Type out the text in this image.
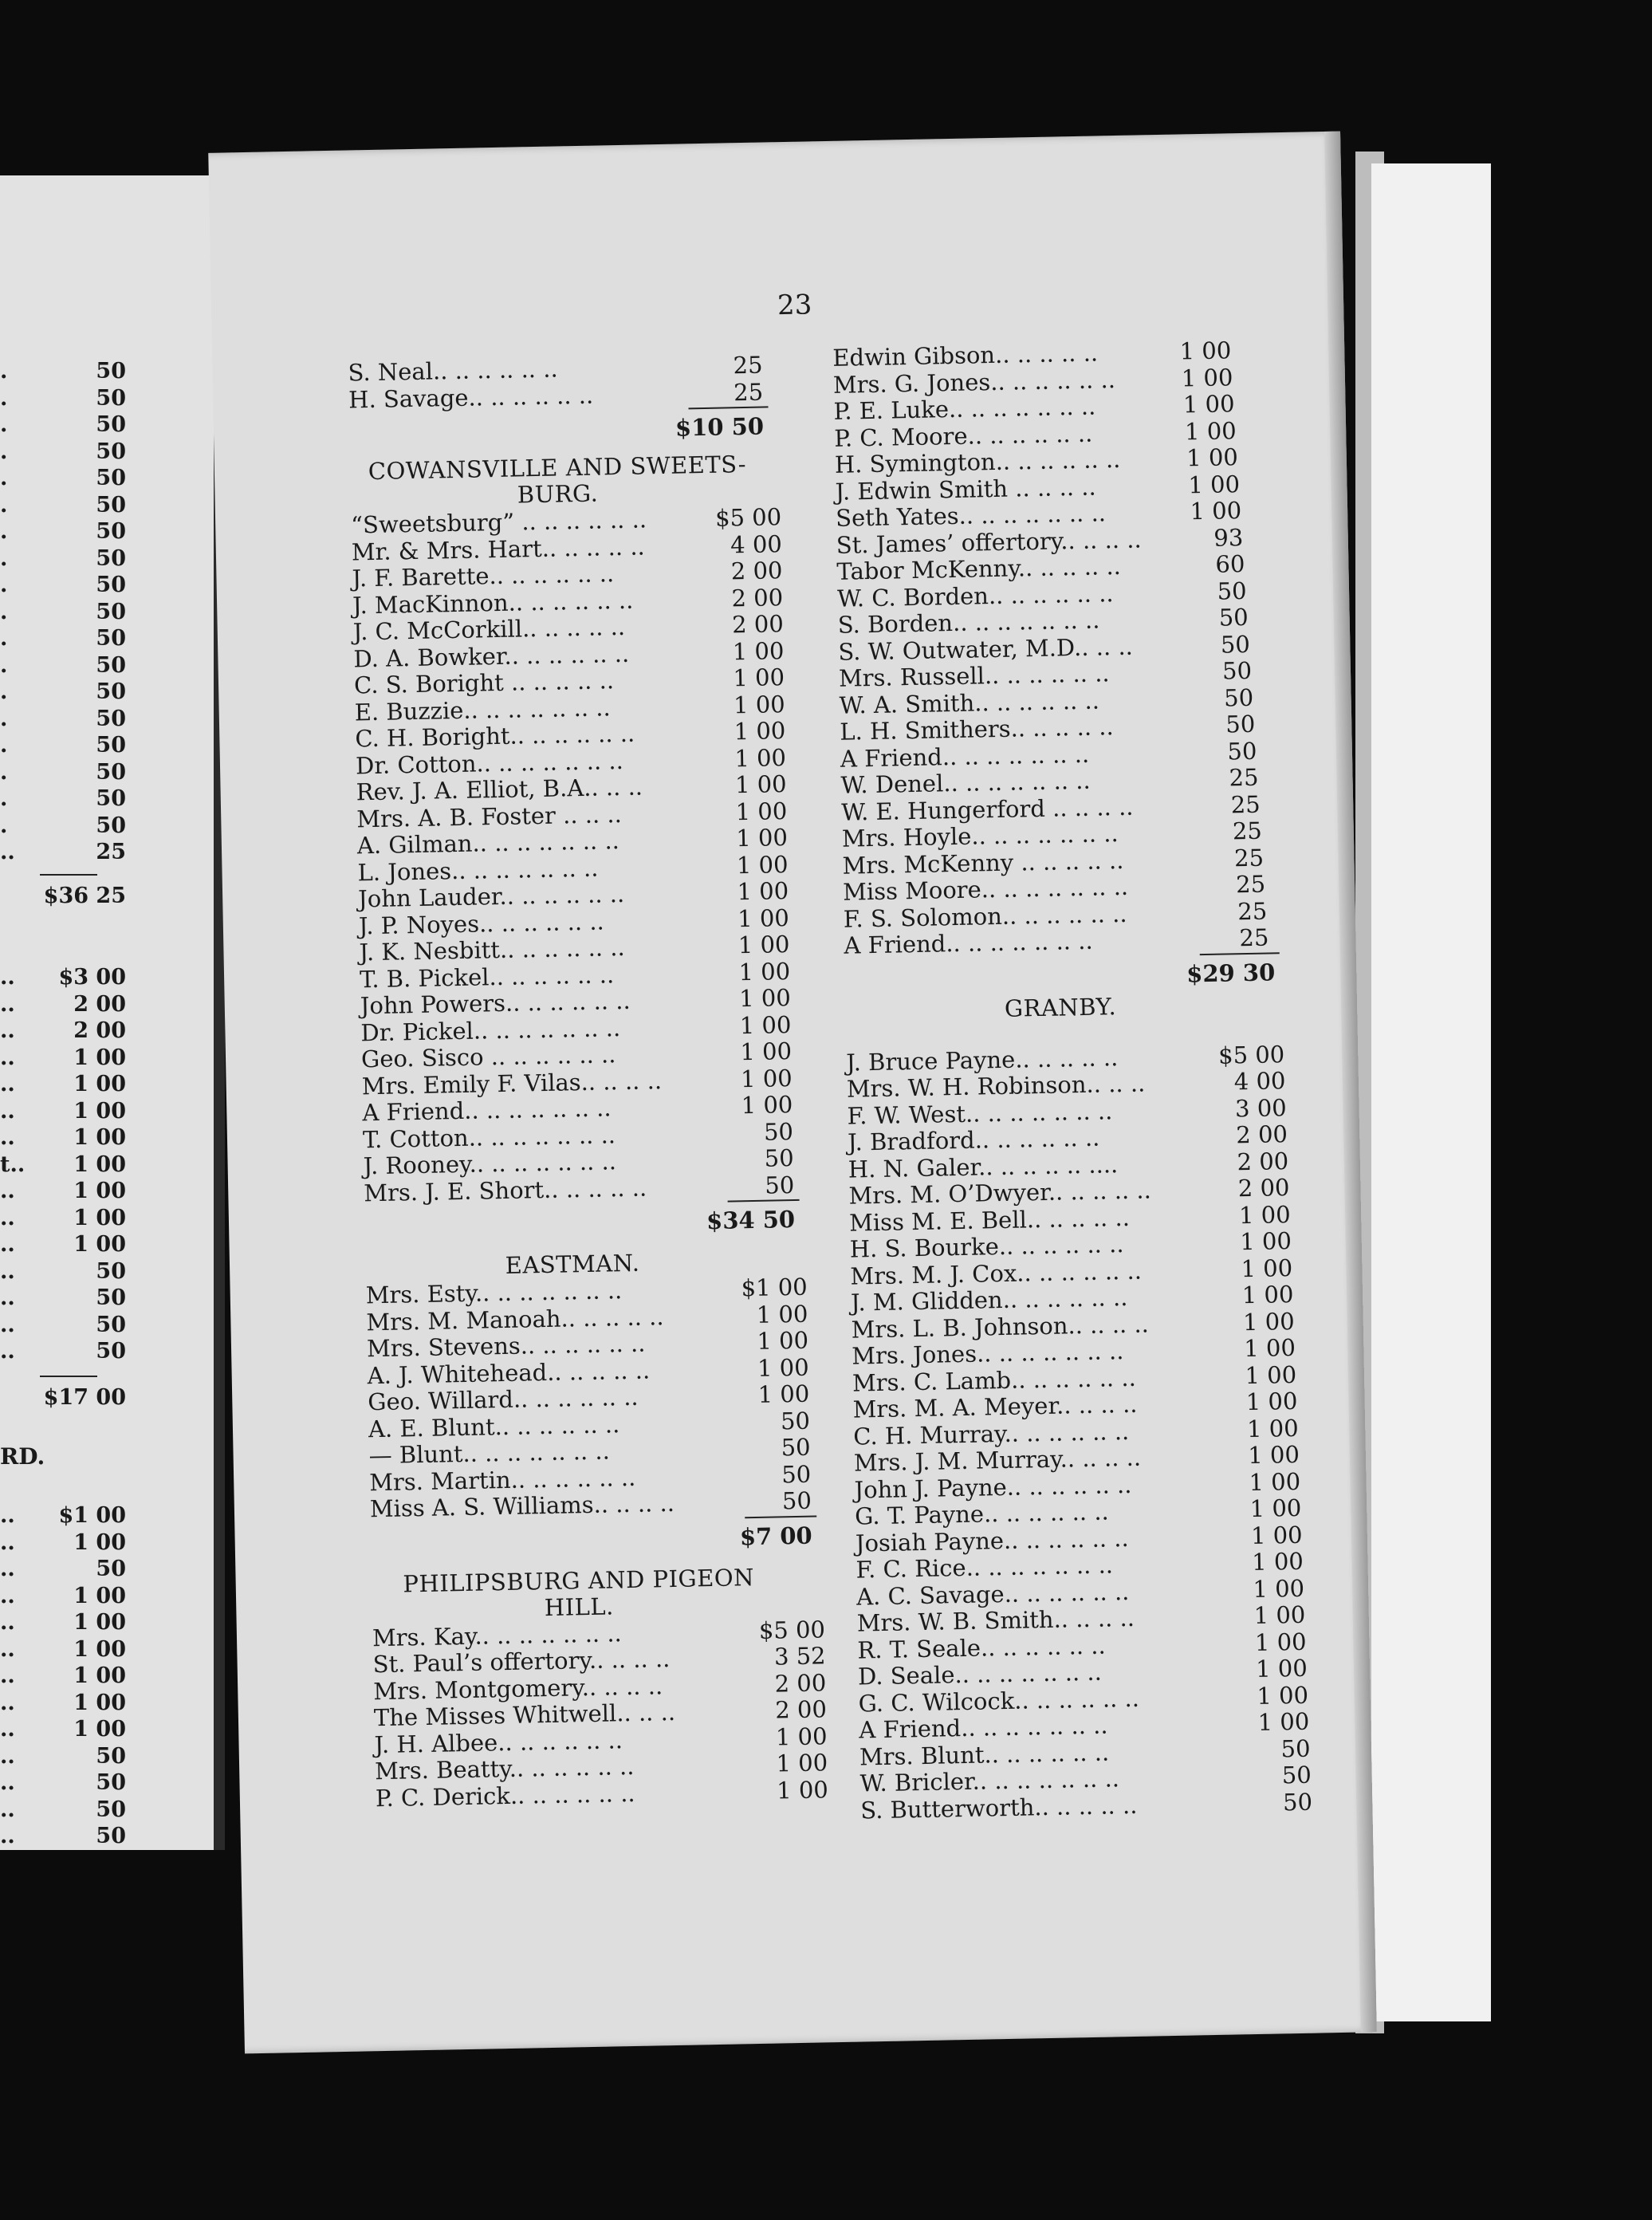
.	50
.	50
.	50
.	50
.	50
.	50
.	50
.	50
.	50
.	50
.	50
.	50
.	50
.	50
.	50
.	50
.	50
.	50
..	25
$36 25
.. $3 00
..	2 00
..	2 00
..	1 00
..	1 00
..	1 00
..	1 00
t.. 1 00
..	1 00
..	1 00
..	1 00
..	50
..	50
..	50
..	50
$17 00
RD.
.. $1 00
..	1 00
..	50
..	1 00
..	1 00
..	1 00
..	1 00
..	1 00
..	1 00
..	50
..	50
..	50
..	50
23
S. Neal.. .. .. .. .. ..	25
H. Savage.. .. .. .. .. ..	25
$10 50
COWANSVILLE AND SWEETS-
BURG.
“Sweetsburg” .. .. .. .. .. ..	$5 00
Mr. & Mrs. Hart.. .. .. .. ..	4 00
J. F. Barette.. .. .. .. .. ..	2 00
J. MacKinnon.. .. .. .. .. ..	2 00
J. C. McCorkill.. .. .. .. ..	2 00
D. A. Bowker.. .. .. .. .. ..	1 00
C. S. Boright .. .. .. .. ..	1 00
E. Buzzie.. .. .. .. .. .. ..	1 00
C. H. Boright.. .. .. .. .. ..	1 00
Dr. Cotton.. .. .. .. .. .. ..	1 00
Rev. J. A. Elliot, B.A.. .. ..	1 00
Mrs. A. B. Foster .. .. ..	1 00
A. Gilman.. .. .. .. .. .. ..	1 00
L. Jones.. .. .. .. .. .. ..	1 00
John Lauder.. .. .. .. .. ..	1 00
J. P. Noyes.. .. .. .. .. ..	1 00
J. K. Nesbitt.. .. .. .. .. ..	1 00
T. B. Pickel.. .. .. .. .. ..	1 00
John Powers.. .. .. .. .. ..	1 00
Dr. Pickel.. .. .. .. .. .. ..	1 00
Geo. Sisco .. .. .. .. .. ..	1 00
Mrs. Emily F. Vilas.. .. .. ..	1 00
A Friend.. .. .. .. .. .. ..	1 00
T. Cotton.. .. .. .. .. .. ..	50
J. Rooney.. .. .. .. .. .. ..	50
Mrs. J. E. Short.. .. .. .. ..	50
$34 50
EASTMAN.
Mrs. Esty.. .. .. .. .. .. ..	$1 00
Mrs. M. Manoah.. .. .. .. ..	1 00
Mrs. Stevens.. .. .. .. .. ..	1 00
A. J. Whitehead.. .. .. .. ..	1 00
Geo. Willard.. .. .. .. .. ..	1 00
A. E. Blunt.. .. .. .. .. ..	50
— Blunt.. .. .. .. .. .. ..	50
Mrs. Martin.. .. .. .. .. ..	50
Miss A. S. Williams.. .. .. ..	50
$7 00
PHILIPSBURG AND PIGEON
HILL.
Mrs. Kay.. .. .. .. .. .. ..	$5 00
St. Paul’s offertory.. .. .. ..	3 52
Mrs. Montgomery.. .. .. ..	2 00
The Misses Whitwell.. .. ..	2 00
J. H. Albee.. .. .. .. .. ..	1 00
Mrs. Beatty.. .. .. .. .. ..	1 00
P. C. Derick.. .. .. .. .. ..	1 00
Edwin Gibson.. .. .. .. ..	1 00
Mrs. G. Jones.. .. .. .. .. ..	1 00
P. E. Luke.. .. .. .. .. .. ..	1 00
P. C. Moore.. .. .. .. .. ..	1 00
H. Symington.. .. .. .. .. ..	1 00
J. Edwin Smith .. .. .. ..	1 00
Seth Yates.. .. .. .. .. .. ..	1 00
St. James’ offertory.. .. .. ..	93
Tabor McKenny.. .. .. .. ..	60
W. C. Borden.. .. .. .. .. ..	50
S. Borden.. .. .. .. .. .. ..	50
S. W. Outwater, M.D.. .. ..	50
Mrs. Russell.. .. .. .. .. ..	50
W. A. Smith.. .. .. .. .. ..	50
L. H. Smithers.. .. .. .. ..	50
A Friend.. .. .. .. .. .. ..	50
W. Denel.. .. .. .. .. .. ..	25
W. E. Hungerford .. .. .. ..	25
Mrs. Hoyle.. .. .. .. .. .. ..	25
Mrs. McKenny .. .. .. .. ..	25
Miss Moore.. .. .. .. .. .. ..	25
F. S. Solomon.. .. .. .. .. ..	25
A Friend.. .. .. .. .. .. ..	25
$29 30
GRANBY.
J. Bruce Payne.. .. .. .. ..	$5 00
Mrs. W. H. Robinson.. .. ..	4 00
F. W. West.. .. .. .. .. .. ..	3 00
J. Bradford.. .. .. .. .. ..	2 00
H. N. Galer.. .. .. .. .. ....	2 00
Mrs. M. O’Dwyer.. .. .. .. ..	2 00
Miss M. E. Bell.. .. .. .. ..	1 00
H. S. Bourke.. .. .. .. .. ..	1 00
Mrs. M. J. Cox.. .. .. .. .. ..	1 00
J. M. Glidden.. .. .. .. .. ..	1 00
Mrs. L. B. Johnson.. .. .. ..	1 00
Mrs. Jones.. .. .. .. .. .. ..	1 00
Mrs. C. Lamb.. .. .. .. .. ..	1 00
Mrs. M. A. Meyer.. .. .. ..	1 00
C. H. Murray.. .. .. .. .. ..	1 00
Mrs. J. M. Murray.. .. .. ..	1 00
John J. Payne.. .. .. .. .. ..	1 00
G. T. Payne.. .. .. .. .. ..	1 00
Josiah Payne.. .. .. .. .. ..	1 00
F. C. Rice.. .. .. .. .. .. ..	1 00
A. C. Savage.. .. .. .. .. ..	1 00
Mrs. W. B. Smith.. .. .. ..	1 00
R. T. Seale.. .. .. .. .. ..	1 00
D. Seale.. .. .. .. .. .. ..	1 00
G. C. Wilcock.. .. .. .. .. ..	1 00
A Friend.. .. .. .. .. .. ..	1 00
Mrs. Blunt.. .. .. .. .. ..	50
W. Bricler.. .. .. .. .. .. ..	50
S. Butterworth.. .. .. .. ..	50
